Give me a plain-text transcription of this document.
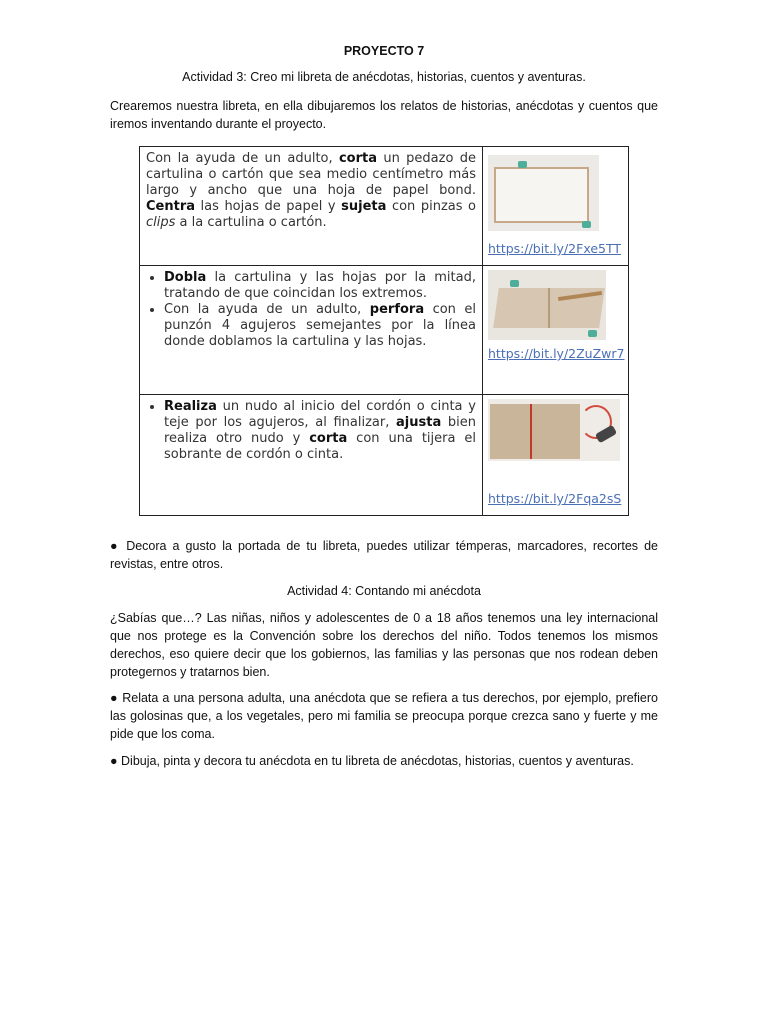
PROYECTO 7
Actividad 3: Creo mi libreta de anécdotas, historias, cuentos y aventuras.
Crearemos nuestra libreta, en ella dibujaremos los relatos de historias, anécdotas y cuentos que iremos inventando durante el proyecto.

Con la ayuda de un adulto, corta un pedazo de cartulina o cartón que sea medio centímetro más largo y ancho que una hoja de papel bond. Centra las hojas de papel y sujeta con pinzas o clips a la cartulina o cartón.

https://bit.ly/2Fxe5TT
• Dobla la cartulina y las hojas por la mitad, tratando de que coincidan los extremos.
• Con la ayuda de un adulto, perfora con el punzón 4 agujeros semejantes por la línea donde doblamos la cartulina y las hojas.
https://bit.ly/2ZuZwr7
• Realiza un nudo al inicio del cordón o cinta y teje por los agujeros, al finalizar, ajusta bien realiza otro nudo y corta con una tijera el sobrante de cordón o cinta.
https://bit.ly/2Fqa2sS
● Decora a gusto la portada de tu libreta, puedes utilizar témperas, marcadores, recortes de revistas, entre otros.
Actividad 4: Contando mi anécdota
¿Sabías que…? Las niñas, niños y adolescentes de 0 a 18 años tenemos una ley internacional que nos protege es la Convención sobre los derechos del niño. Todos tenemos los mismos derechos, eso quiere decir que los gobiernos, las familias y las personas que nos rodean deben protegernos y tratarnos bien.
● Relata a una persona adulta, una anécdota que se refiera a tus derechos, por ejemplo, prefiero las golosinas que, a los vegetales, pero mi familia se preocupa porque crezca sano y fuerte y me pide que los coma.
● Dibuja, pinta y decora tu anécdota en tu libreta de anécdotas, historias, cuentos y aventuras.
